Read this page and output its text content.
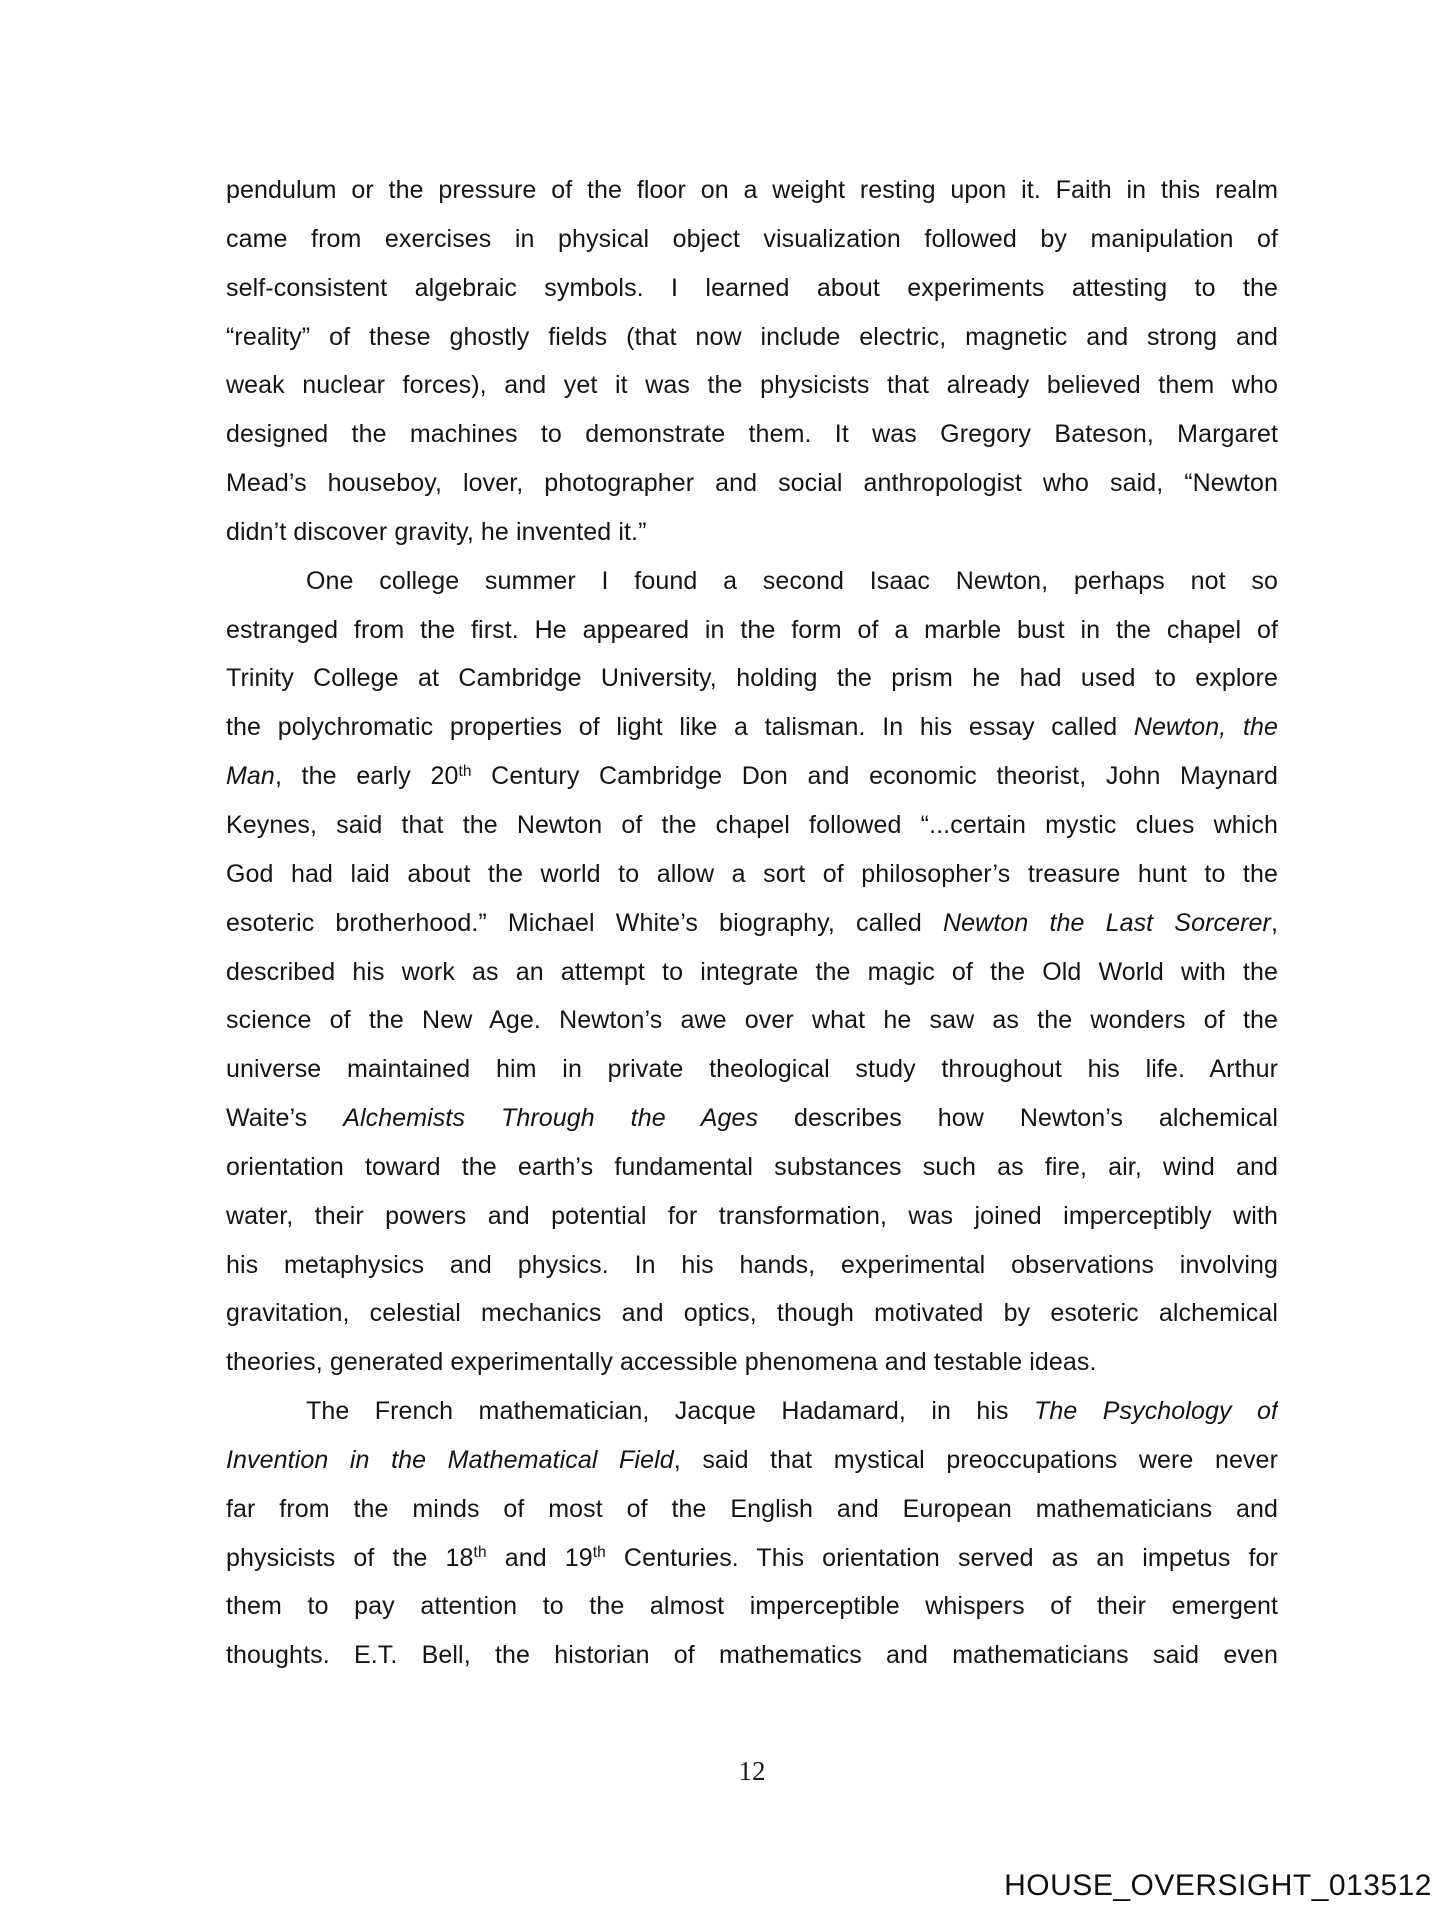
pendulum or the pressure of the floor on a weight resting upon it. Faith in this realm
came from exercises in physical object visualization followed by manipulation of
self-consistent algebraic symbols. I learned about experiments attesting to the
“reality” of these ghostly fields (that now include electric, magnetic and strong and
weak nuclear forces), and yet it was the physicists that already believed them who
designed the machines to demonstrate them. It was Gregory Bateson, Margaret
Mead’s houseboy, lover, photographer and social anthropologist who said, “Newton
didn’t discover gravity, he invented it.”
One college summer I found a second Isaac Newton, perhaps not so
estranged from the first. He appeared in the form of a marble bust in the chapel of
Trinity College at Cambridge University, holding the prism he had used to explore
the polychromatic properties of light like a talisman. In his essay called Newton, the
Man, the early 20th Century Cambridge Don and economic theorist, John Maynard
Keynes, said that the Newton of the chapel followed “...certain mystic clues which
God had laid about the world to allow a sort of philosopher’s treasure hunt to the
esoteric brotherhood.” Michael White’s biography, called Newton the Last Sorcerer,
described his work as an attempt to integrate the magic of the Old World with the
science of the New Age. Newton’s awe over what he saw as the wonders of the
universe maintained him in private theological study throughout his life. Arthur
Waite’s Alchemists Through the Ages describes how Newton’s alchemical
orientation toward the earth’s fundamental substances such as fire, air, wind and
water, their powers and potential for transformation, was joined imperceptibly with
his metaphysics and physics. In his hands, experimental observations involving
gravitation, celestial mechanics and optics, though motivated by esoteric alchemical
theories, generated experimentally accessible phenomena and testable ideas.
The French mathematician, Jacque Hadamard, in his The Psychology of
Invention in the Mathematical Field, said that mystical preoccupations were never
far from the minds of most of the English and European mathematicians and
physicists of the 18th and 19th Centuries. This orientation served as an impetus for
them to pay attention to the almost imperceptible whispers of their emergent
thoughts. E.T. Bell, the historian of mathematics and mathematicians said even
12
HOUSE_OVERSIGHT_013512
